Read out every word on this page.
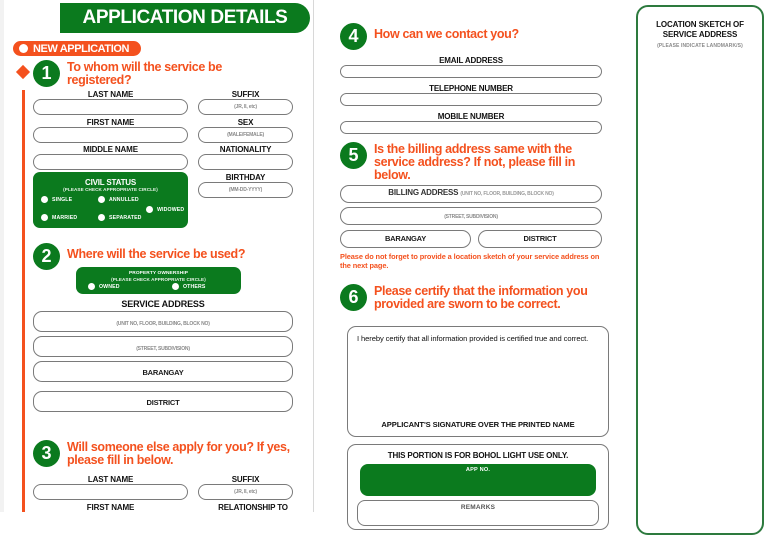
APPLICATION DETAILS
NEW APPLICATION
1	To whom will the service be registered?
LAST NAME
FIRST NAME
MIDDLE NAME
SUFFIX
(JR, II, etc)
SEX
(MALE/FEMALE)
NATIONALITY
BIRTHDAY
(MM-DD-YYYY)
CIVIL STATUS
(PLEASE CHECK APPROPRIATE CIRCLE)
SINGLE	ANNULLED
WIDOWED
MARRIED	SEPARATED
2	Where will the service be used?
PROPERTY OWNERSHIP
(PLEASE CHECK APPROPRIATE CIRCLE)
OWNED	OTHERS
SERVICE ADDRESS
(UNIT NO, FLOOR, BUILDING, BLOCK NO)
(STREET, SUBDIVISION)
BARANGAY
DISTRICT
3	Will someone else apply for you? If yes, please fill in below.
LAST NAME
FIRST NAME
SUFFIX
(JR, II, etc)
RELATIONSHIP TO
4	How can we contact you?
EMAIL ADDRESS
TELEPHONE NUMBER
MOBILE NUMBER
5	Is the billing address same with the service address? If not, please fill in below.
BILLING ADDRESS (UNIT NO, FLOOR, BUILDING, BLOCK NO)
(STREET, SUBDIVISION)
BARANGAY	DISTRICT
Please do not forget to provide a location sketch of your service address on the next page.
6	Please certify that the information you provided are sworn to be correct.
I hereby certify that all information provided is certified true and correct.
APPLICANT'S SIGNATURE OVER THE PRINTED NAME
THIS PORTION IS FOR BOHOL LIGHT USE ONLY.
APP NO.
REMARKS
LOCATION SKETCH OF SERVICE ADDRESS
(PLEASE INDICATE LANDMARK/S)
